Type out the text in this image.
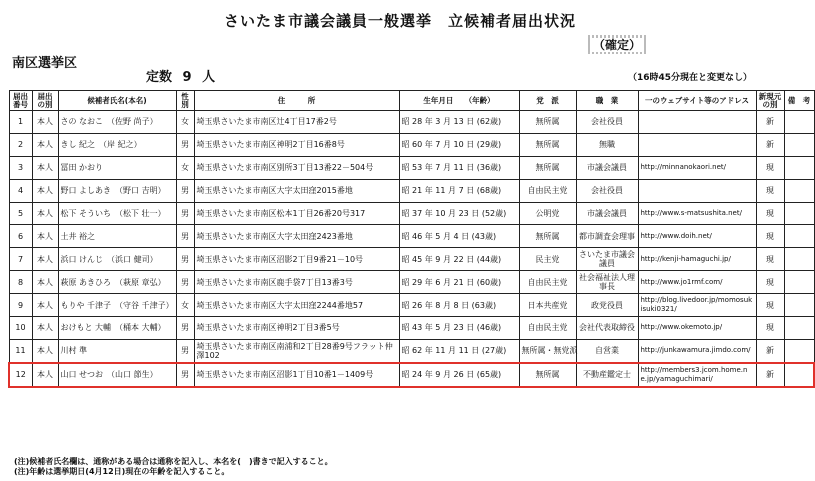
さいたま市議会議員一般選挙　立候補者届出状況
（確定）
（16時45分現在と変更なし）
南区選挙区
定数 9 人
届出番号	届出の別	候補者氏名(本名)	性別	住　　　所	生年月日　　（年齢）	党　派	職　業	一のウェブサイト等のアドレス	新現元の別	備　考
1	本人	さの なおこ　（佐野 尚子）	女	埼玉県さいたま市南区辻4丁目17番2号	昭 28 年 3 月 13 日 (62歳)	無所属	会社役員		新	
2	本人	きし 紀之　（岸 紀之）	男	埼玉県さいたま市南区神明2丁目16番8号	昭 60 年 7 月 10 日 (29歳)	無所属	無職		新	
3	本人	冨田 かおり	女	埼玉県さいたま市南区別所3丁目13番22－504号	昭 53 年 7 月 11 日 (36歳)	無所属	市議会議員	http://minnanokaori.net/	現	
4	本人	野口 よしあき　（野口 吉明）	男	埼玉県さいたま市南区大字太田窪2015番地	昭 21 年 11 月 7 日 (68歳)	自由民主党	会社役員		現	
5	本人	松下 そういち　（松下 壮一）	男	埼玉県さいたま市南区松本1丁目26番20号317	昭 37 年 10 月 23 日 (52歳)	公明党	市議会議員	http://www.s-matsushita.net/	現	
6	本人	土井 裕之	男	埼玉県さいたま市南区大字太田窪2423番地	昭 46 年 5 月 4 日 (43歳)	無所属	都市調査会理事	http://www.doih.net/	現	
7	本人	浜口 けんじ　（浜口 健司）	男	埼玉県さいたま市南区沼影2丁目9番21－10号	昭 45 年 9 月 22 日 (44歳)	民主党	さいたま市議会議員	http://kenji-hamaguchi.jp/	現	
8	本人	萩原 あきひろ　（萩原 章弘）	男	埼玉県さいたま市南区鹿手袋7丁目13番3号	昭 29 年 6 月 21 日 (60歳)	自由民主党	社会福祉法人理事長	http://www.jo1rmf.com/	現	
9	本人	もりや 千津子　（守谷 千津子）	女	埼玉県さいたま市南区大字太田窪2244番地57	昭 26 年 8 月 8 日 (63歳)	日本共産党	政党役員	http://blog.livedoor.jp/momosukisuki0321/	現	
10	本人	おけもと 大輔　（桶本 大輔）	男	埼玉県さいたま市南区神明2丁目3番5号	昭 43 年 5 月 23 日 (46歳)	自由民主党	会社代表取締役	http://www.okemoto.jp/	現	
11	本人	川村 準	男	埼玉県さいたま市南区南浦和2丁目28番9号フラット仲澤102	昭 62 年 11 月 11 日 (27歳)	無所属・無党派	自営業	http://junkawamura.jimdo.com/	新	
12	本人	山口 せつお　（山口 節生）	男	埼玉県さいたま市南区沼影1丁目10番1－1409号	昭 24 年 9 月 26 日 (65歳)	無所属	不動産鑑定士	http://members3.jcom.home.ne.jp/yamaguchimari/	新	
(注)候補者氏名欄は、通称がある場合は通称を記入し、本名を(　)書きで記入すること。
(注)年齢は選挙期日(4月12日)現在の年齢を記入すること。
